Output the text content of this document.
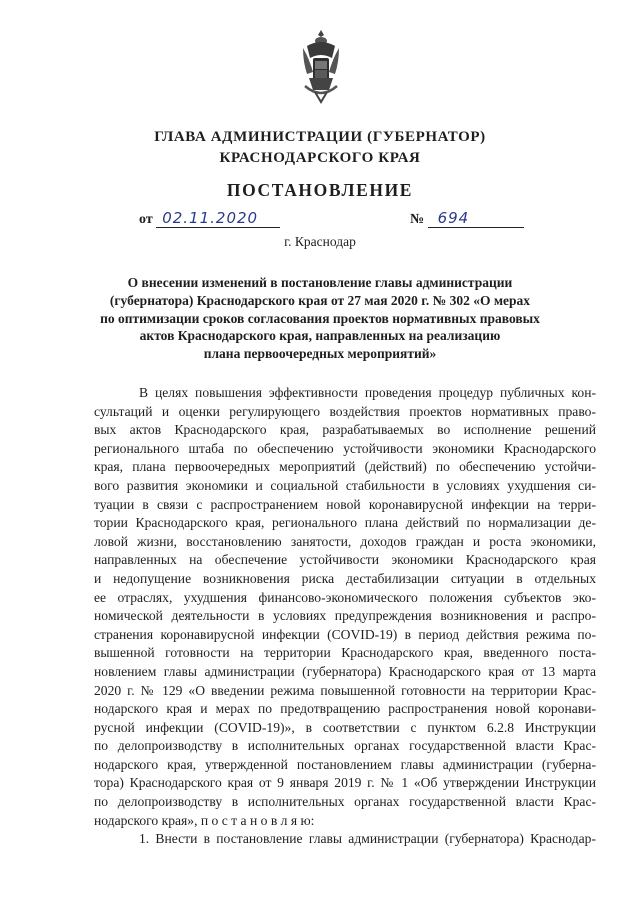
ГЛАВА АДМИНИСТРАЦИИ (ГУБЕРНАТОР)
КРАСНОДАРСКОГО КРАЯ
ПОСТАНОВЛЕНИЕ
от 02.11.2020	№ 694
г. Краснодар
О внесении изменений в постановление главы администрации
(губернатора) Краснодарского края от 27 мая 2020 г. № 302 «О мерах
по оптимизации сроков согласования проектов нормативных правовых
актов Краснодарского края, направленных на реализацию
плана первоочередных мероприятий»
В целях повышения эффективности проведения процедур публичных кон-
сультаций и оценки регулирующего воздействия проектов нормативных право-
вых актов Краснодарского края, разрабатываемых во исполнение решений
регионального штаба по обеспечению устойчивости экономики Краснодарского
края, плана первоочередных мероприятий (действий) по обеспечению устойчи-
вого развития экономики и социальной стабильности в условиях ухудшения си-
туации в связи с распространением новой коронавирусной инфекции на терри-
тории Краснодарского края, регионального плана действий по нормализации де-
ловой жизни, восстановлению занятости, доходов граждан и роста экономики,
направленных на обеспечение устойчивости экономики Краснодарского края
и недопущение возникновения риска дестабилизации ситуации в отдельных
ее отраслях, ухудшения финансово-экономического положения субъектов эко-
номической деятельности в условиях предупреждения возникновения и распро-
странения коронавирусной инфекции (COVID-19) в период действия режима по-
вышенной готовности на территории Краснодарского края, введенного поста-
новлением главы администрации (губернатора) Краснодарского края от 13 марта
2020 г. № 129 «О введении режима повышенной готовности на территории Крас-
нодарского края и мерах по предотвращению распространения новой коронави-
русной инфекции (COVID-19)», в соответствии с пунктом 6.2.8 Инструкции
по делопроизводству в исполнительных органах государственной власти Крас-
нодарского края, утвержденной постановлением главы администрации (губерна-
тора) Краснодарского края от 9 января 2019 г. № 1 «Об утверждении Инструкции
по делопроизводству в исполнительных органах государственной власти Крас-
нодарского края», п о с т а н о в л я ю:
1. Внести в постановление главы администрации (губернатора) Краснодар-
